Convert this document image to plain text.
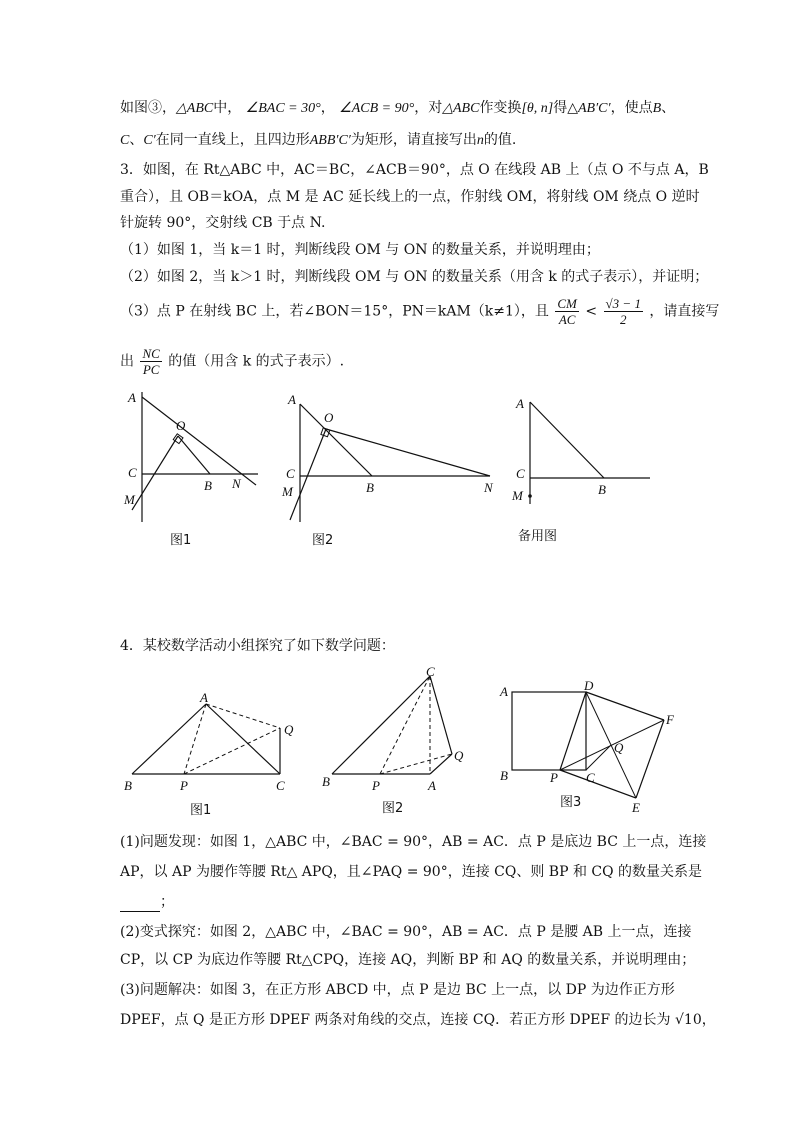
如图③，△ABC中， ∠BAC = 30°， ∠ACB = 90°，对△ABC作变换[θ, n]得△AB′C′，使点B、
C、C′在同一直线上，且四边形ABB′C′为矩形，请直接写出n的值.
3．如图，在 Rt△ABC 中，AC＝BC，∠ACB＝90°，点 O 在线段 AB 上（点 O 不与点 A，B
重合），且 OB＝kOA，点 M 是 AC 延长线上的一点，作射线 OM，将射线 OM 绕点 O 逆时
针旋转 90°，交射线 CB 于点 N.
（1）如图 1，当 k＝1 时，判断线段 OM 与 ON 的数量关系，并说明理由；
（2）如图 2，当 k＞1 时，判断线段 OM 与 ON 的数量关系（用含 k 的式子表示），并证明；
（3）点 P 在射线 BC 上，若∠BON＝15°，PN＝kAM（k≠1），且 $\frac{CM}{AC} < \frac{√3 - 1}{2}$ ，请直接写
出 $\frac{NC}{PC}$ 的值（用含 k 的式子表示）.
A
O
C
B N
M
图1
A
O
C
B	N
M
图2
A
C
B
M
备用图
4．某校数学活动小组探究了如下数学问题：
A
Q
B	P	C
图1
C
Q
B	P	A
图2
A	D
F
Q
B	P C
E
图3
(1)问题发现：如图 1，△ABC 中，∠BAC = 90°，AB = AC．点 P 是底边 BC 上一点，连接
AP，以 AP 为腰作等腰 Rt△ APQ，且∠PAQ = 90°，连接 CQ、则 BP 和 CQ 的数量关系是
；
(2)变式探究：如图 2，△ABC 中，∠BAC = 90°，AB = AC．点 P 是腰 AB 上一点，连接
CP，以 CP 为底边作等腰 Rt△CPQ，连接 AQ，判断 BP 和 AQ 的数量关系，并说明理由；
(3)问题解决：如图 3，在正方形 ABCD 中，点 P 是边 BC 上一点，以 DP 为边作正方形
DPEF，点 Q 是正方形 DPEF 两条对角线的交点，连接 CQ．若正方形 DPEF 的边长为 √10，
